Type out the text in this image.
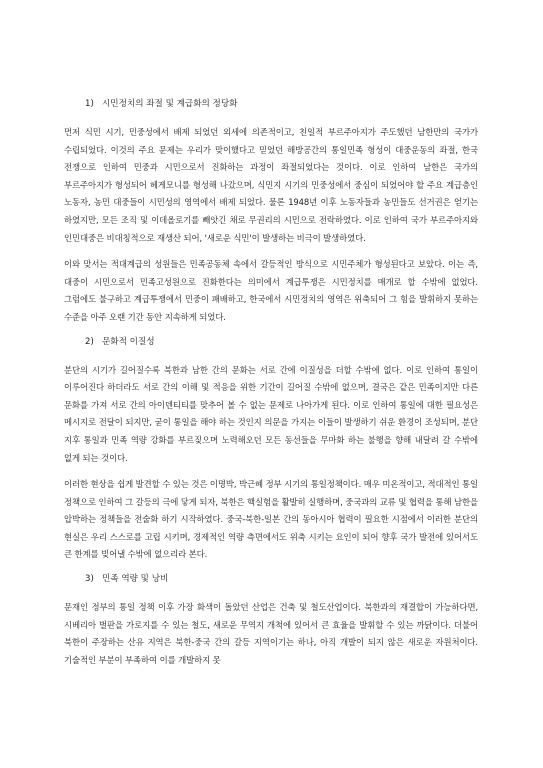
1) 시민정치의 좌절 및 계급화의 정당화

먼저 식민 시기, 민중성에서 배제 되었던 외세에 의존적이고, 친일적 부르주아지가 주도했던 남한만의 국가가 수립되었다. 이것의 주요 문제는 우리가 맞이했다고 믿었던 해방공간의 통일민족 형성이 대중운동의 좌절, 한국 전쟁으로 인하여 민중과 시민으로서 진화하는 과정이 좌절되었다는 것이다. 이로 인하여 남한은 국가의 부르주아지가 형성되어 헤게모니를 형성해 나갔으며, 식민지 시기의 민중성에서 중심이 되었어야 할 주요 계급층인 노동자, 농민 대중들이 시민성의 영역에서 배제 되었다. 물론 1948년 이후 노동자들과 농민들도 선거권은 얻기는 하였지만, 모든 조직 및 이데올로기를 빼앗긴 채로 무권리의 시민으로 전락하였다. 이로 인하여 국가 부르주아지와 인민대중은 비대칭적으로 재생산 되어, '새로운 식민'이 발생하는 비극이 발생하였다.

이와 맞서는 적대계급의 성원들은 민족공동체 속에서 갈등적인 방식으로 시민주체가 형성된다고 보았다. 이는 즉, 대중이 시민으로서 민족고성원으로 진화한다는 의미에서 계급투쟁은 시민정치를 매개로 할 수밖에 없었다. 그럼에도 불구하고 계급투쟁에서 민중이 패배하고, 한국에서 시민정치의 영역은 위축되어 그 힘을 발휘하지 못하는 수준을 아주 오랜 기간 동안 지속하게 되었다.

2) 문화적 이질성

분단의 시기가 길어질수록 북한과 남한 간의 문화는 서로 간에 이질성을 더할 수밖에 없다. 이로 인하여 통일이 이루어진다 하더라도 서로 간의 이해 및 적응을 위한 기간이 길어질 수밖에 없으며, 결국은 같은 민족이지만 다른 문화를 가져 서로 간의 아이덴티티를 맞추어 볼 수 없는 문제로 나아가게 된다. 이로 인하여 통일에 대한 필요성은 메시지로 전달이 되지만, 굳이 통일을 해야 하는 것인지 의문을 가지는 이들이 발생하기 쉬운 환경이 조성되며, 분단 지후 통일과 민족 역량 강화를 부르짖으며 노력해오던 모든 동선들을 무마화 하는 불행을 향해 내달려 갈 수밖에 없게 되는 것이다.

이러한 현상을 쉽게 발견할 수 있는 것은 이명박, 박근혜 정부 시기의 통일정책이다. 매우 미온적이고, 적대적인 통일 정책으로 인하여 그 갈등의 극에 닿게 되자, 북한은 핵실험을 활발히 실행하며, 중국과의 교류 및 협력을 통해 남한을 압박하는 정책들을 전술화 하기 시작하였다. 중국-북한-일본 간의 동아시아 협력이 필요한 시점에서 이러한 분단의 현실은 우리 스스로를 고립 시키며, 경제적인 역량 측면에서도 위축 시키는 요인이 되어 향후 국가 발전에 있어서도 큰 한계를 빚어낼 수밖에 없으리라 본다.

3) 민족 역량 및 낭비

문재인 정부의 통일 정책 이후 가장 화색이 돌았던 산업은 건축 및 철도산업이다. 북한과의 재결합이 가능하다면, 시베리아 벌판을 가로지를 수 있는 철도, 새로운 무역지 개척에 있어서 큰 효율을 발휘할 수 있는 까닭이다. 더불어 북한이 주장하는 산유 지역은 북한-중국 간의 갈등 지역이기는 하나, 아직 개발이 되지 않은 새로운 자원처이다. 기술적인 부분이 부족하여 이를 개발하지 못
